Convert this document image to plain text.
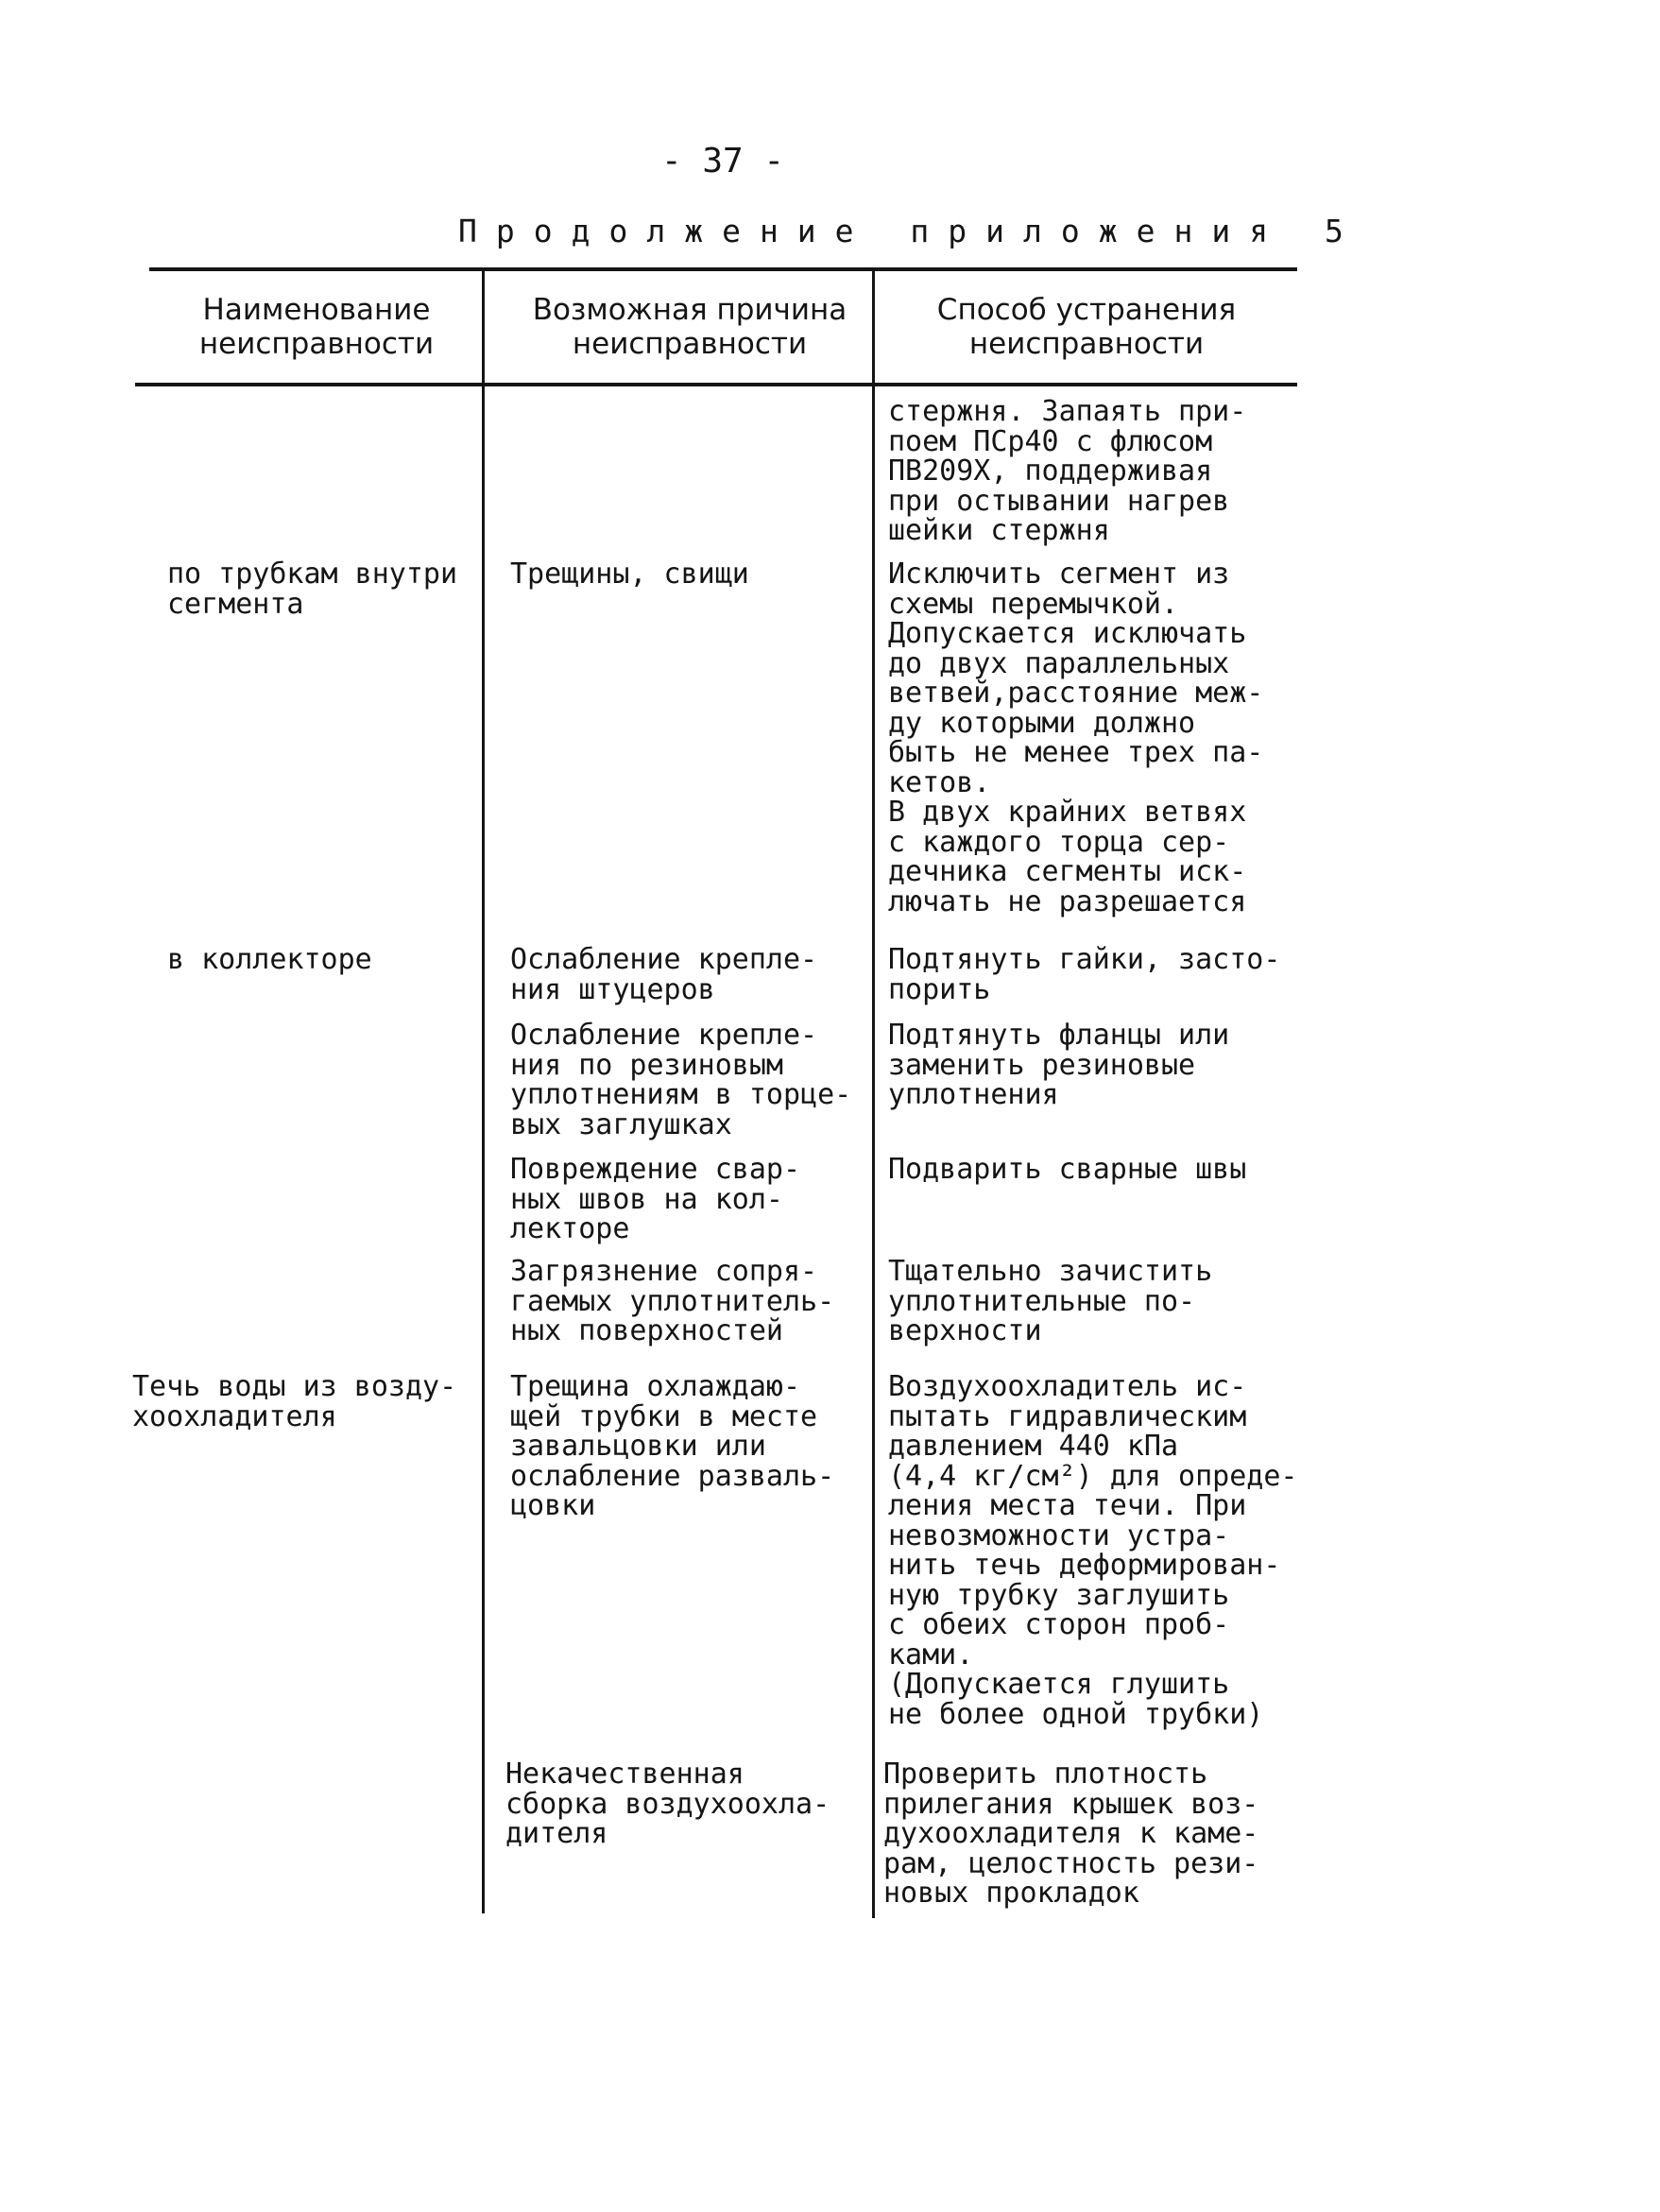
- 37 -
Продолжение приложения 5
Наименование
неисправности
Возможная причина
неисправности
Способ устранения
неисправности
стержня. Запаять при-
поем ПСр40 с флюсом
ПВ209Х, поддерживая
при остывании нагрев
шейки стержня
по трубкам внутри
сегмента
Трещины, свищи	Исключить сегмент из
схемы перемычкой.
Допускается исключать
до двух параллельных
ветвей,расстояние меж-
ду которыми должно
быть не менее трех па-
кетов.
В двух крайних ветвях
с каждого торца сер-
дечника сегменты иск-
лючать не разрешается
в коллекторе	Ослабление крепле-
ния штуцеров
Подтянуть гайки, засто-
порить
Ослабление крепле-
ния по резиновым
уплотнениям в торце-
вых заглушках
Подтянуть фланцы или
заменить резиновые
уплотнения
Повреждение свар-
ных швов на кол-
лекторе
Подварить сварные швы
Загрязнение сопря-
гаемых уплотнитель-
ных поверхностей
Тщательно зачистить
уплотнительные по-
верхности
Течь воды из возду-
хоохладителя
Трещина охлаждаю-
щей трубки в месте
завальцовки или
ослабление разваль-
цовки
Воздухоохладитель ис-
пытать гидравлическим
давлением 440 кПа
(4,4 кг/см²) для опреде-
ления места течи. При
невозможности устра-
нить течь деформирован-
ную трубку заглушить
с обеих сторон проб-
ками.
(Допускается глушить
не более одной трубки)
Некачественная
сборка воздухоохла-
дителя
Проверить плотность
прилегания крышек воз-
духоохладителя к каме-
рам, целостность рези-
новых прокладок
